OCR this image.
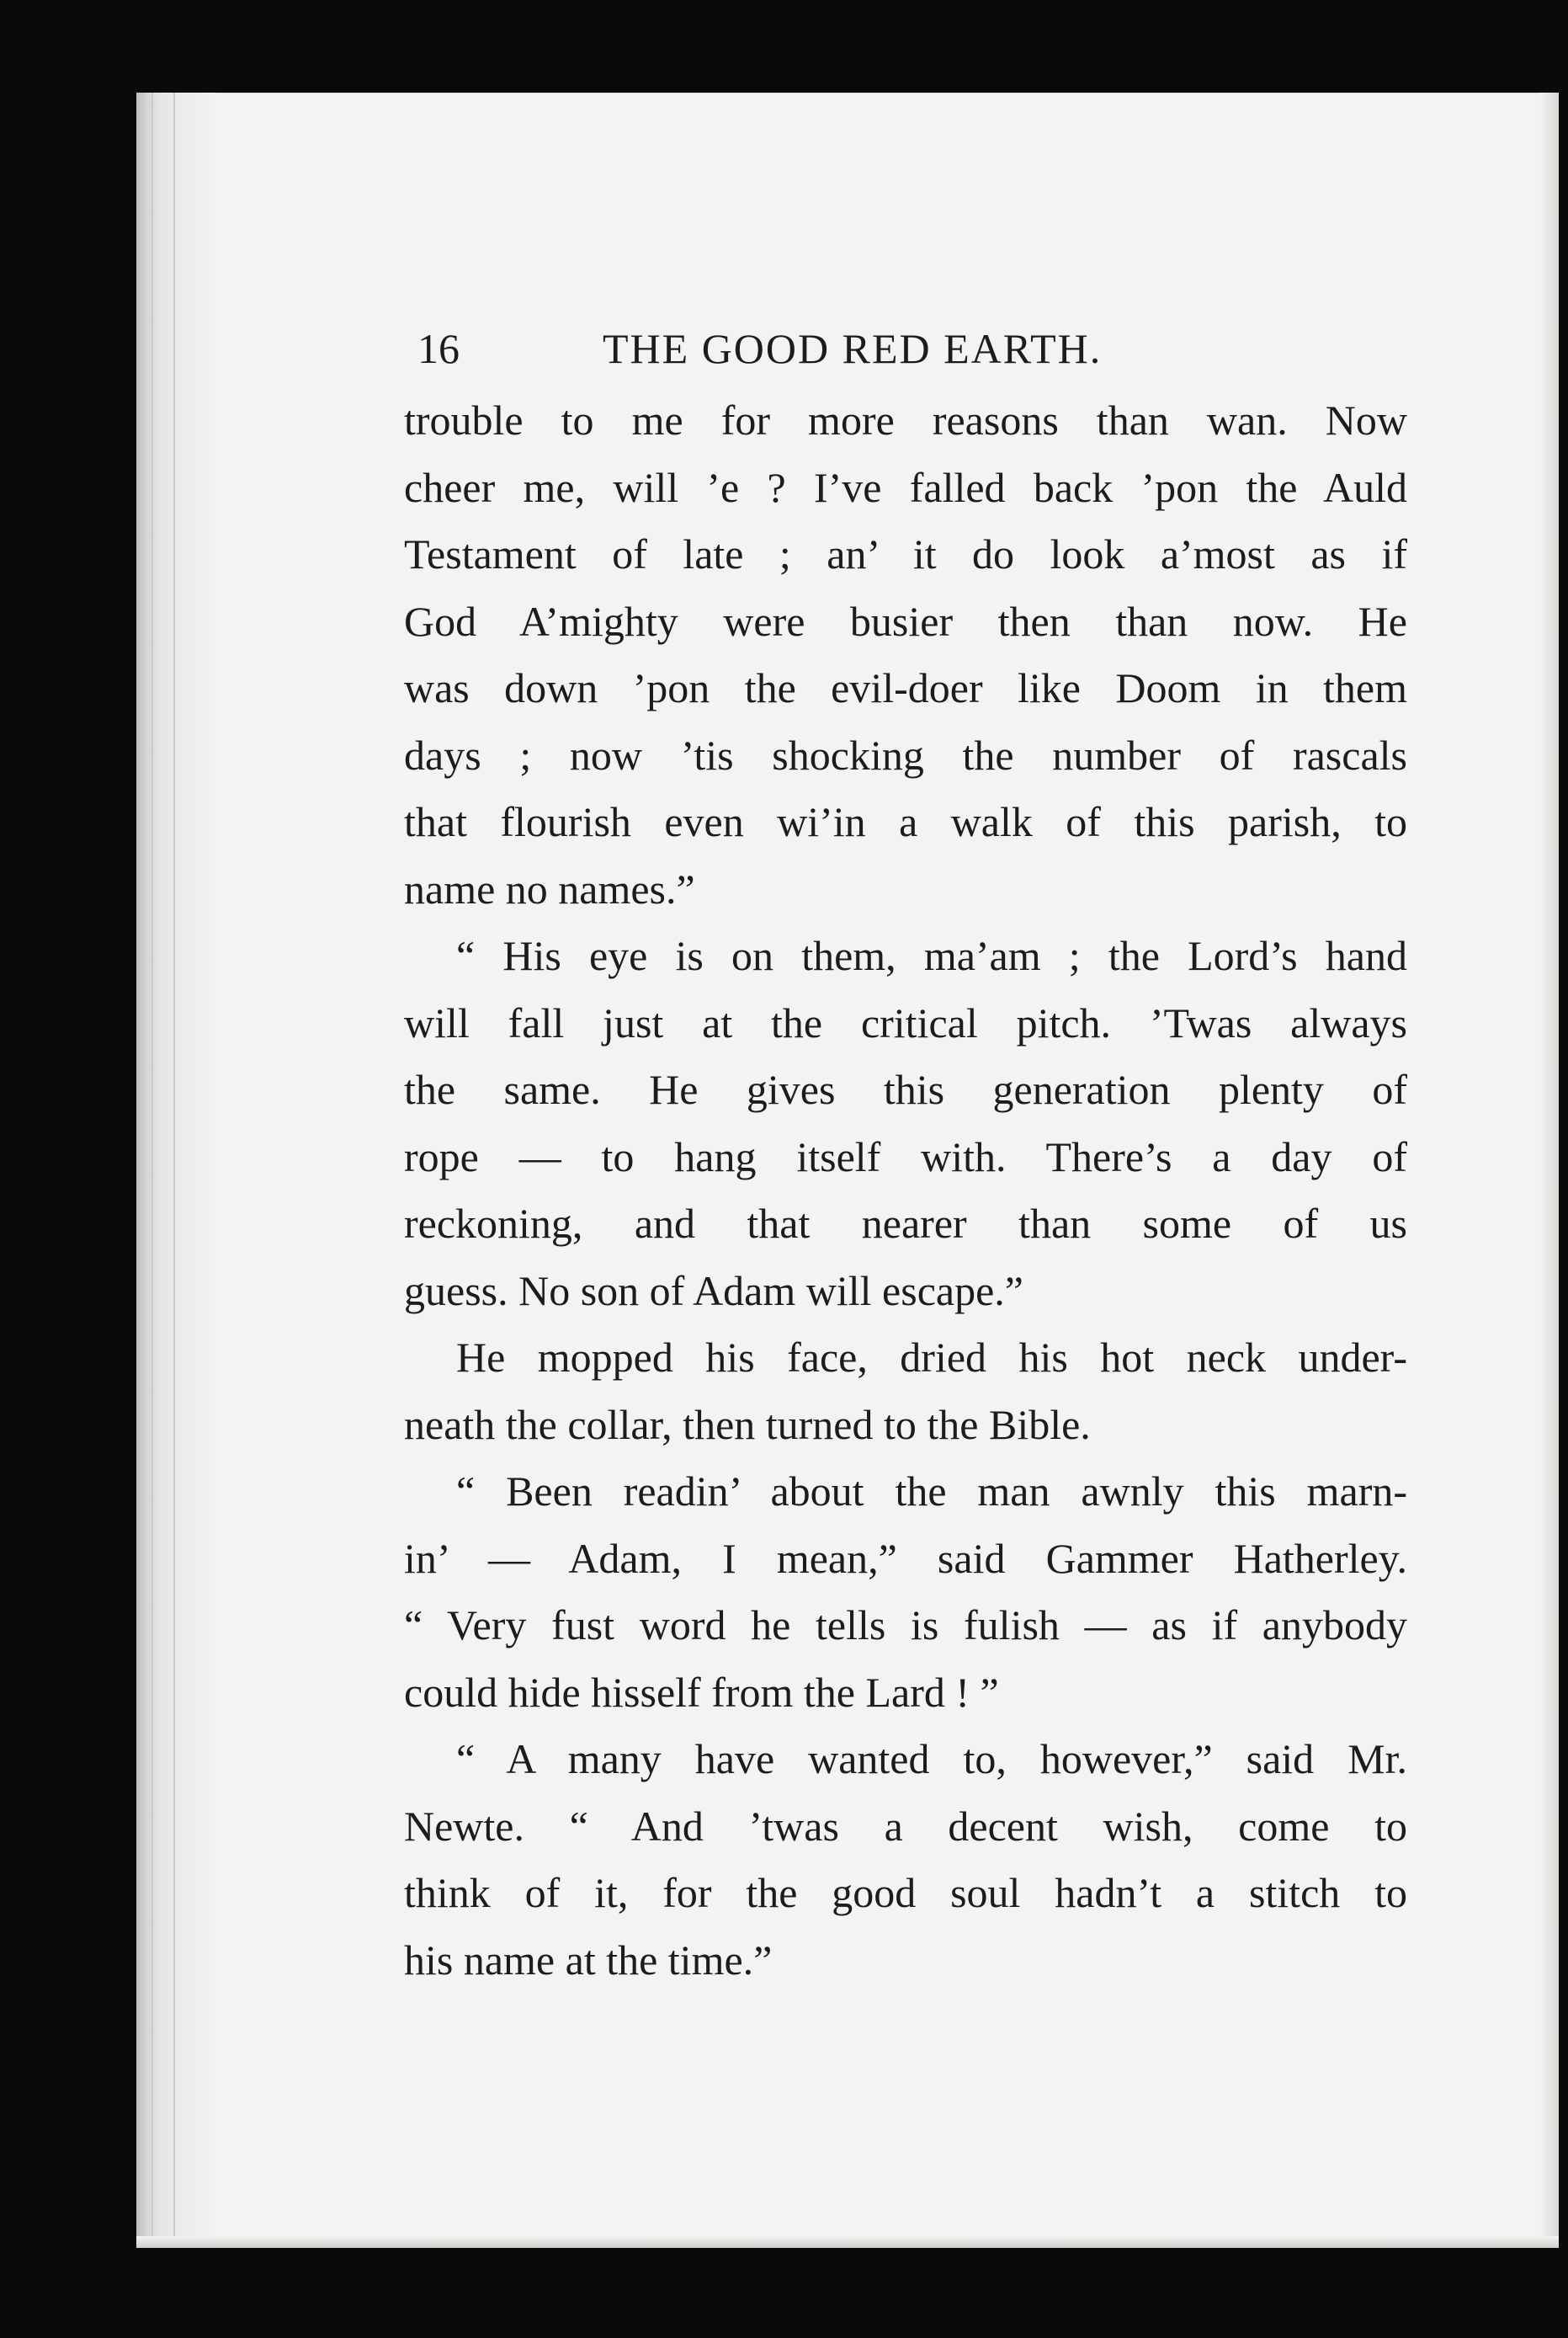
16	THE GOOD RED EARTH.
trouble to me for more reasons than wan. Now
cheer me, will ’e ? I’ve falled back ’pon the Auld
Testament of late ; an’ it do look a’most as if
God A’mighty were busier then than now. He
was down ’pon the evil-doer like Doom in them
days ; now ’tis shocking the number of rascals
that flourish even wi’in a walk of this parish, to
name no names.”
“ His eye is on them, ma’am ; the Lord’s hand
will fall just at the critical pitch. ’Twas always
the same. He gives this generation plenty of
rope — to hang itself with. There’s a day of
reckoning, and that nearer than some of us
guess. No son of Adam will escape.”
He mopped his face, dried his hot neck under-
neath the collar, then turned to the Bible.
“ Been readin’ about the man awnly this marn-
in’ — Adam, I mean,” said Gammer Hatherley.
“ Very fust word he tells is fulish — as if anybody
could hide hisself from the Lard ! ”
“ A many have wanted to, however,” said Mr.
Newte. “ And ’twas a decent wish, come to
think of it, for the good soul hadn’t a stitch to
his name at the time.”
